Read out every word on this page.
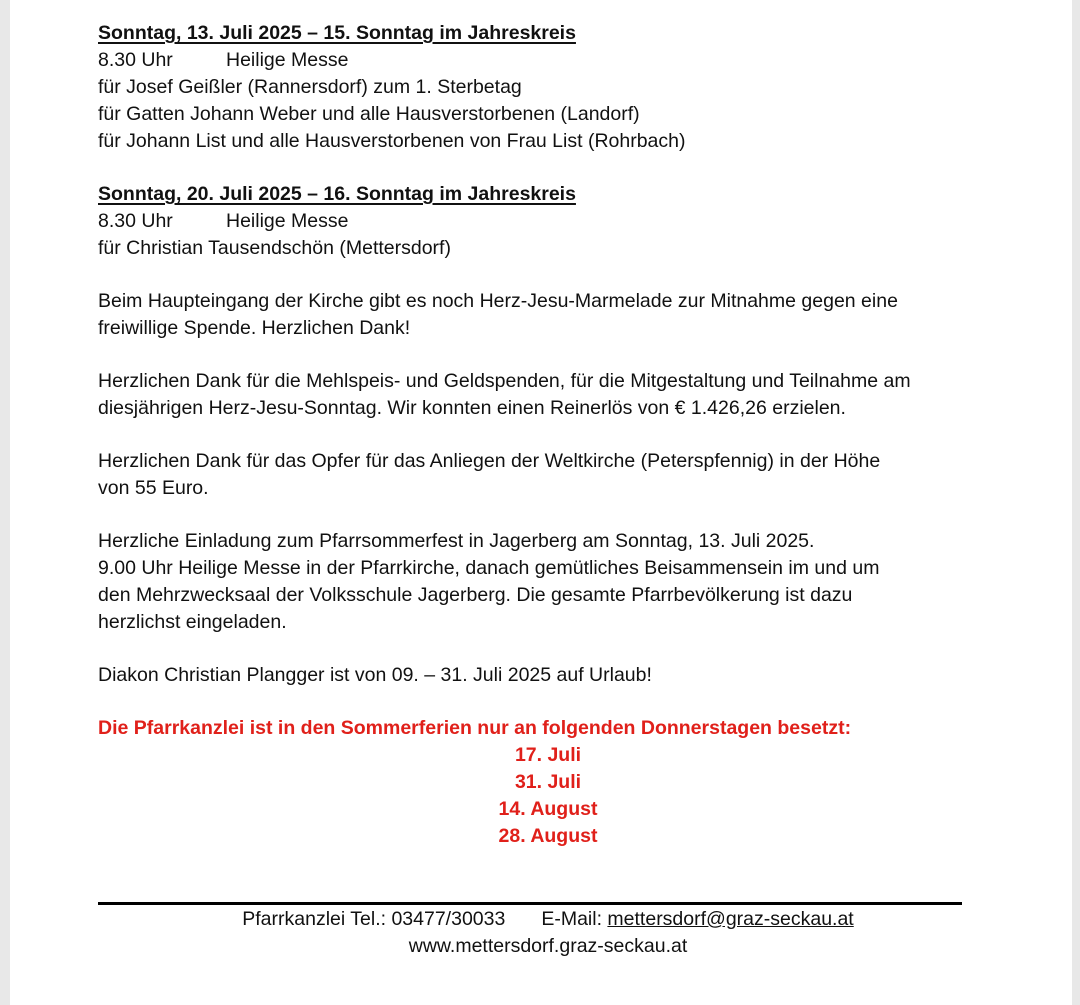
Sonntag, 13. Juli 2025 – 15. Sonntag im Jahreskreis
8.30 Uhr	Heilige Messe
für Josef Geißler (Rannersdorf) zum 1. Sterbetag
für Gatten Johann Weber und alle Hausverstorbenen (Landorf)
für Johann List und alle Hausverstorbenen von Frau List (Rohrbach)
Sonntag, 20. Juli 2025 – 16. Sonntag im Jahreskreis
8.30 Uhr	Heilige Messe
für Christian Tausendschön (Mettersdorf)
Beim Haupteingang der Kirche gibt es noch Herz-Jesu-Marmelade zur Mitnahme gegen eine
freiwillige Spende. Herzlichen Dank!
Herzlichen Dank für die Mehlspeis- und Geldspenden, für die Mitgestaltung und Teilnahme am
diesjährigen Herz-Jesu-Sonntag. Wir konnten einen Reinerlös von € 1.426,26 erzielen.
Herzlichen Dank für das Opfer für das Anliegen der Weltkirche (Peterspfennig) in der Höhe
von 55 Euro.
Herzliche Einladung zum Pfarrsommerfest in Jagerberg am Sonntag, 13. Juli 2025.
9.00 Uhr Heilige Messe in der Pfarrkirche, danach gemütliches Beisammensein im und um
den Mehrzwecksaal der Volksschule Jagerberg. Die gesamte Pfarrbevölkerung ist dazu
herzlichst eingeladen.
Diakon Christian Plangger ist von 09. – 31. Juli 2025 auf Urlaub!
Die Pfarrkanzlei ist in den Sommerferien nur an folgenden Donnerstagen besetzt:
17. Juli
31. Juli
14. August
28. August
Pfarrkanzlei Tel.: 03477/30033 E-Mail: mettersdorf@graz-seckau.at
www.mettersdorf.graz-seckau.at
